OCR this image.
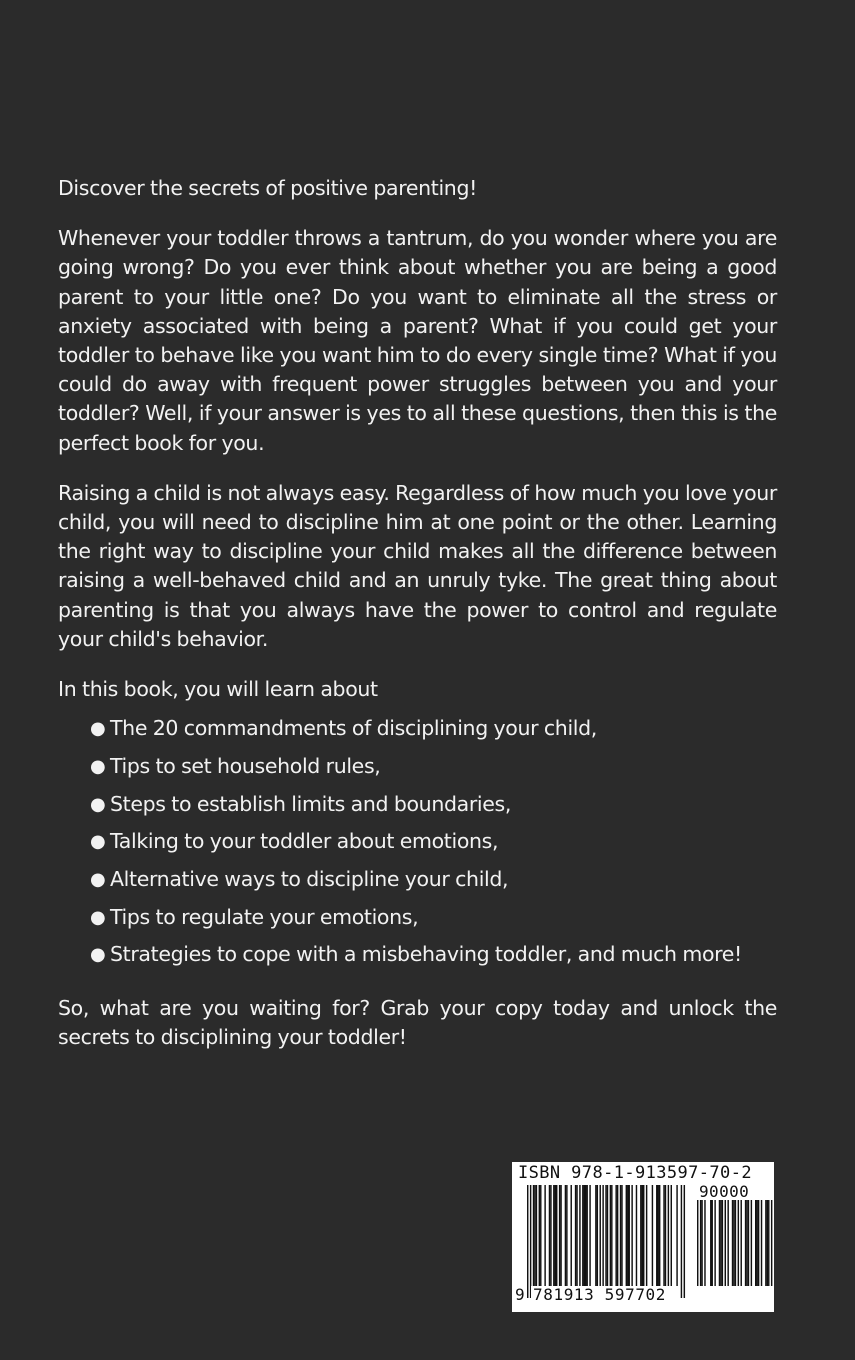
Discover the secrets of positive parenting!

Whenever your toddler throws a tantrum, do you wonder where you are going wrong? Do you ever think about whether you are being a good parent to your little one? Do you want to eliminate all the stress or anxiety associated with being a parent? What if you could get your toddler to behave like you want him to do every single time? What if you could do away with frequent power struggles between you and your toddler? Well, if your answer is yes to all these questions, then this is the perfect book for you.

Raising a child is not always easy. Regardless of how much you love your child, you will need to discipline him at one point or the other. Learning the right way to discipline your child makes all the difference between raising a well-behaved child and an unruly tyke. The great thing about parenting is that you always have the power to control and regulate your child's behavior.

In this book, you will learn about

● The 20 commandments of disciplining your child,
● Tips to set household rules,
● Steps to establish limits and boundaries,
● Talking to your toddler about emotions,
● Alternative ways to discipline your child,
● Tips to regulate your emotions,
● Strategies to cope with a misbehaving toddler, and much more!

So, what are you waiting for? Grab your copy today and unlock the secrets to disciplining your toddler!

ISBN 978-1-913597-70-2
90000
9 781913 597702
